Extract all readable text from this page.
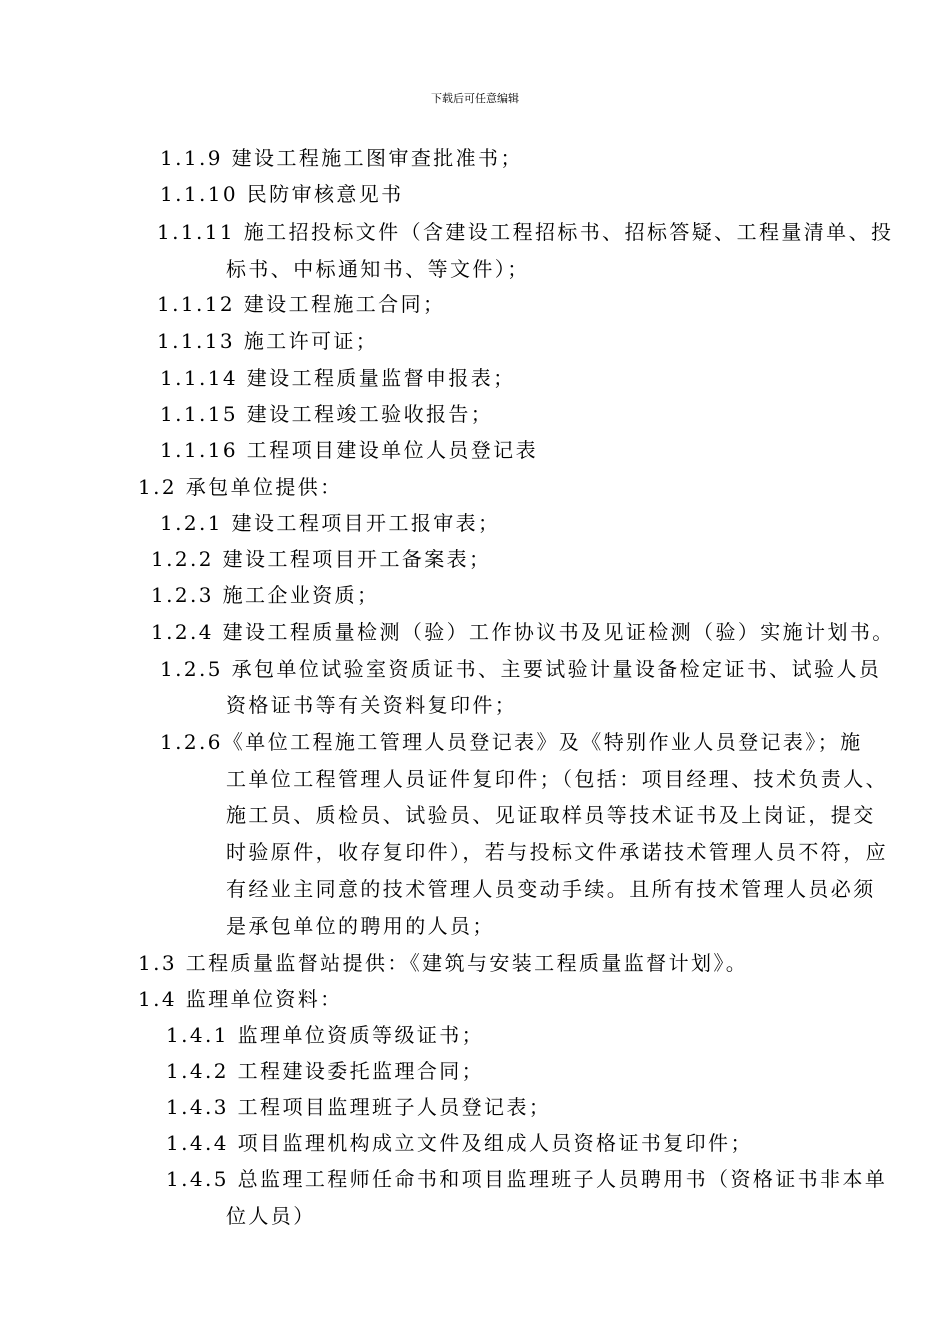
下载后可任意编辑
1.1.9 建设工程施工图审查批准书；
1.1.10 民防审核意见书
1.1.11 施工招投标文件（含建设工程招标书、招标答疑、工程量清单、投
标书、中标通知书、等文件）；
1.1.12 建设工程施工合同；
1.1.13 施工许可证；
1.1.14 建设工程质量监督申报表；
1.1.15 建设工程竣工验收报告；
1.1.16 工程项目建设单位人员登记表
1.2 承包单位提供：
1.2.1 建设工程项目开工报审表；
1.2.2 建设工程项目开工备案表；
1.2.3 施工企业资质；
1.2.4 建设工程质量检测（验）工作协议书及见证检测（验）实施计划书。
1.2.5 承包单位试验室资质证书、主要试验计量设备检定证书、试验人员
资格证书等有关资料复印件；
1.2.6《单位工程施工管理人员登记表》及《特别作业人员登记表》；施
工单位工程管理人员证件复印件；（包括：项目经理、技术负责人、
施工员、质检员、试验员、见证取样员等技术证书及上岗证，提交
时验原件，收存复印件），若与投标文件承诺技术管理人员不符，应
有经业主同意的技术管理人员变动手续。且所有技术管理人员必须
是承包单位的聘用的人员；
1.3 工程质量监督站提供：《建筑与安装工程质量监督计划》。
1.4 监理单位资料：
1.4.1 监理单位资质等级证书；
1.4.2 工程建设委托监理合同；
1.4.3 工程项目监理班子人员登记表；
1.4.4 项目监理机构成立文件及组成人员资格证书复印件；
1.4.5 总监理工程师任命书和项目监理班子人员聘用书（资格证书非本单
位人员）
